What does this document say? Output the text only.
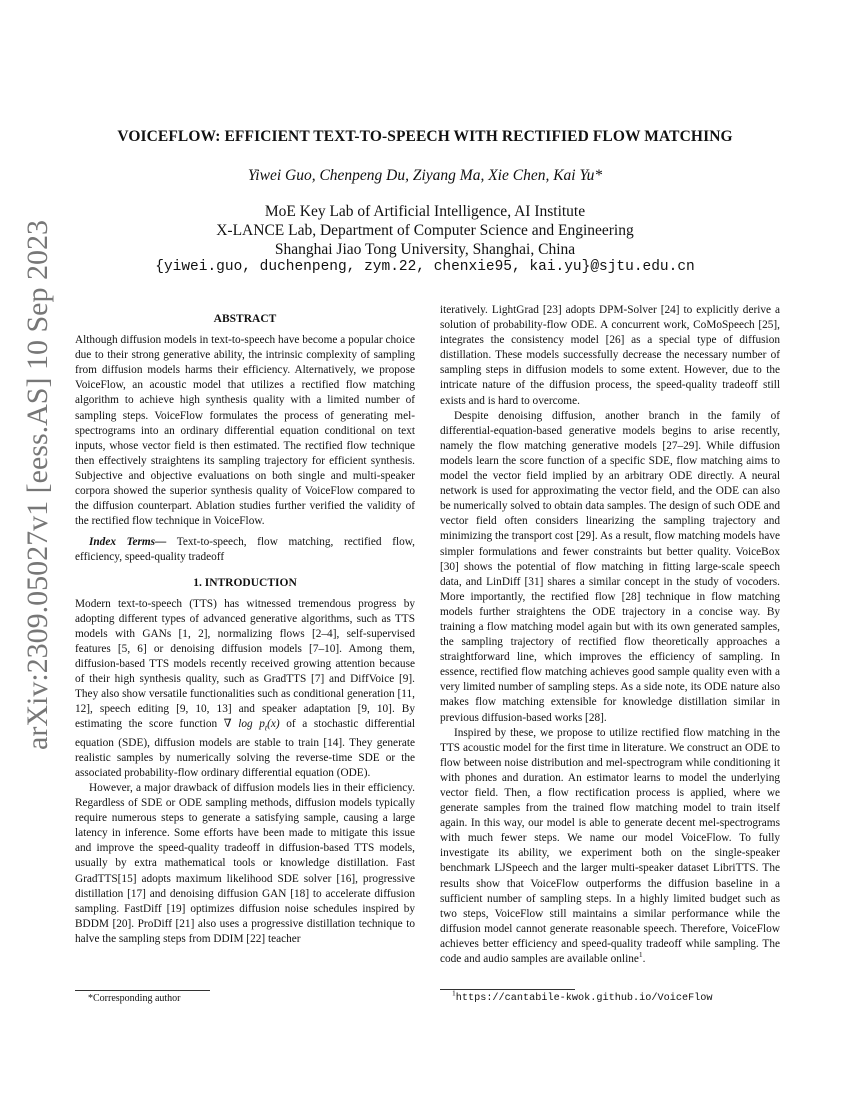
arXiv:2309.05027v1 [eess.AS] 10 Sep 2023
VOICEFLOW: EFFICIENT TEXT-TO-SPEECH WITH RECTIFIED FLOW MATCHING
Yiwei Guo, Chenpeng Du, Ziyang Ma, Xie Chen, Kai Yu*
MoE Key Lab of Artificial Intelligence, AI Institute
X-LANCE Lab, Department of Computer Science and Engineering
Shanghai Jiao Tong University, Shanghai, China
{yiwei.guo, duchenpeng, zym.22, chenxie95, kai.yu}@sjtu.edu.cn
ABSTRACT

Although diffusion models in text-to-speech have become a popular choice due to their strong generative ability, the intrinsic complexity of sampling from diffusion models harms their efficiency. Alternatively, we propose VoiceFlow, an acoustic model that utilizes a rectified flow matching algorithm to achieve high synthesis quality with a limited number of sampling steps. VoiceFlow formulates the process of generating mel-spectrograms into an ordinary differential equation conditional on text inputs, whose vector field is then estimated. The rectified flow technique then effectively straightens its sampling trajectory for efficient synthesis. Subjective and objective evaluations on both single and multi-speaker corpora showed the superior synthesis quality of VoiceFlow compared to the diffusion counterpart. Ablation studies further verified the validity of the rectified flow technique in VoiceFlow.

Index Terms— Text-to-speech, flow matching, rectified flow, efficiency, speed-quality tradeoff

1. INTRODUCTION

Modern text-to-speech (TTS) has witnessed tremendous progress by adopting different types of advanced generative algorithms, such as TTS models with GANs [1, 2], normalizing flows [2–4], self-supervised features [5, 6] or denoising diffusion models [7–10]. Among them, diffusion-based TTS models recently received growing attention because of their high synthesis quality, such as GradTTS [7] and DiffVoice [9]. They also show versatile functionalities such as conditional generation [11, 12], speech editing [9, 10, 13] and speaker adaptation [9, 10]. By estimating the score function ∇ $\log p_t(x)$ of a stochastic differential equation (SDE), diffusion models are stable to train [14]. They generate realistic samples by numerically solving the reverse-time SDE or the associated probability-flow ordinary differential equation (ODE).

However, a major drawback of diffusion models lies in their efficiency. Regardless of SDE or ODE sampling methods, diffusion models typically require numerous steps to generate a satisfying sample, causing a large latency in inference. Some efforts have been made to mitigate this issue and improve the speed-quality tradeoff in diffusion-based TTS models, usually by extra mathematical tools or knowledge distillation. Fast GradTTS[15] adopts maximum likelihood SDE solver [16], progressive distillation [17] and denoising diffusion GAN [18] to accelerate diffusion sampling. FastDiff [19] optimizes diffusion noise schedules inspired by BDDM [20]. ProDiff [21] also uses a progressive distillation technique to halve the sampling steps from DDIM [22] teacher

*Corresponding author

iteratively. LightGrad [23] adopts DPM-Solver [24] to explicitly derive a solution of probability-flow ODE. A concurrent work, CoMoSpeech [25], integrates the consistency model [26] as a special type of diffusion distillation. These models successfully decrease the necessary number of sampling steps in diffusion models to some extent. However, due to the intricate nature of the diffusion process, the speed-quality tradeoff still exists and is hard to overcome.

Despite denoising diffusion, another branch in the family of differential-equation-based generative models begins to arise recently, namely the flow matching generative models [27–29]. While diffusion models learn the score function of a specific SDE, flow matching aims to model the vector field implied by an arbitrary ODE directly. A neural network is used for approximating the vector field, and the ODE can also be numerically solved to obtain data samples. The design of such ODE and vector field often considers linearizing the sampling trajectory and minimizing the transport cost [29]. As a result, flow matching models have simpler formulations and fewer constraints but better quality. VoiceBox [30] shows the potential of flow matching in fitting large-scale speech data, and LinDiff [31] shares a similar concept in the study of vocoders. More importantly, the rectified flow [28] technique in flow matching models further straightens the ODE trajectory in a concise way. By training a flow matching model again but with its own generated samples, the sampling trajectory of rectified flow theoretically approaches a straightforward line, which improves the efficiency of sampling. In essence, rectified flow matching achieves good sample quality even with a very limited number of sampling steps. As a side note, its ODE nature also makes flow matching extensible for knowledge distillation similar in previous diffusion-based works [28].

Inspired by these, we propose to utilize rectified flow matching in the TTS acoustic model for the first time in literature. We construct an ODE to flow between noise distribution and mel-spectrogram while conditioning it with phones and duration. An estimator learns to model the underlying vector field. Then, a flow rectification process is applied, where we generate samples from the trained flow matching model to train itself again. In this way, our model is able to generate decent mel-spectrograms with much fewer steps. We name our model VoiceFlow. To fully investigate its ability, we experiment both on the single-speaker benchmark LJSpeech and the larger multi-speaker dataset LibriTTS. The results show that VoiceFlow outperforms the diffusion baseline in a sufficient number of sampling steps. In a highly limited budget such as two steps, VoiceFlow still maintains a similar performance while the diffusion model cannot generate reasonable speech. Therefore, VoiceFlow achieves better efficiency and speed-quality tradeoff while sampling. The code and audio samples are available online$^1$.

$^1$https://cantabile-kwok.github.io/VoiceFlow
